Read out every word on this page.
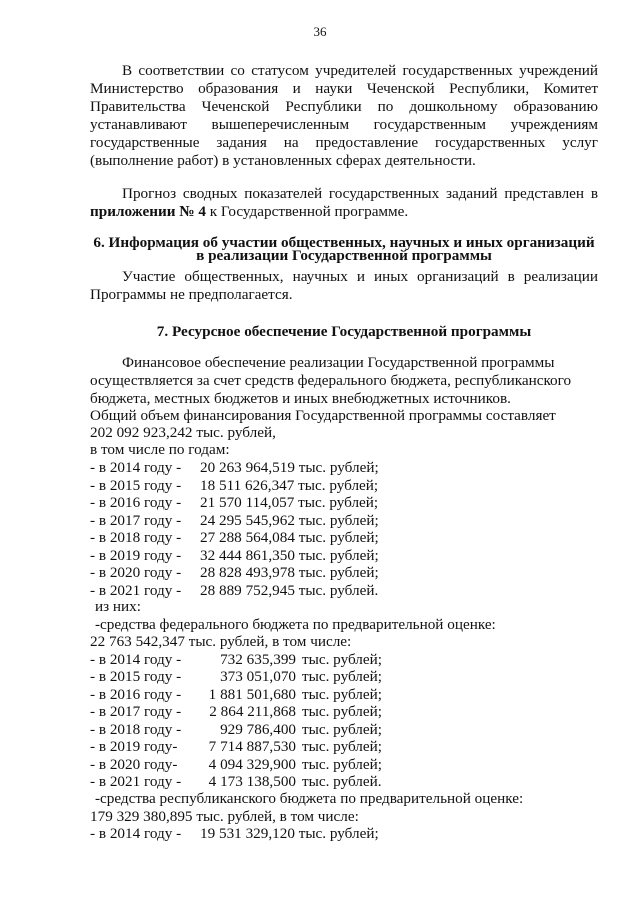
36

В соответствии со статусом учредителей государственных учреждений Министерство образования и науки Чеченской Республики, Комитет Правительства Чеченской Республики по дошкольному образованию устанавливают вышеперечисленным государственным учреждениям государственные задания на предоставление государственных услуг (выполнение работ) в установленных сферах деятельности.

Прогноз сводных показателей государственных заданий представлен в приложении № 4 к Государственной программе.

6. Информация об участии общественных, научных и иных организаций
в реализации Государственной программы

Участие общественных, научных и иных организаций в реализации Программы не предполагается.

7. Ресурсное обеспечение Государственной программы
Финансовое обеспечение реализации Государственной программы
осуществляется за счет средств федерального бюджета, республиканского
бюджета, местных бюджетов и иных внебюджетных источников.
Общий объем финансирования Государственной программы составляет
202 092 923,242 тыс. рублей,
в том числе по годам:
- в 2014 году - 20 263 964,519 тыс. рублей;
- в 2015 году - 18 511 626,347 тыс. рублей;
- в 2016 году - 21 570 114,057 тыс. рублей;
- в 2017 году - 24 295 545,962 тыс. рублей;
- в 2018 году - 27 288 564,084 тыс. рублей;
- в 2019 году - 32 444 861,350 тыс. рублей;
- в 2020 году - 28 828 493,978 тыс. рублей;
- в 2021 году - 28 889 752,945 тыс. рублей.
из них:
-средства федерального бюджета по предварительной оценке:
22 763 542,347 тыс. рублей, в том числе:
- в 2014 году -	732 635,399 тыс. рублей;
- в 2015 году -	373 051,070 тыс. рублей;
- в 2016 году - 1 881 501,680 тыс. рублей;
- в 2017 году - 2 864 211,868 тыс. рублей;
- в 2018 году -	929 786,400 тыс. рублей;
- в 2019 году- 7 714 887,530 тыс. рублей;
- в 2020 году- 4 094 329,900 тыс. рублей;
- в 2021 году - 4 173 138,500 тыс. рублей.
-средства республиканского бюджета по предварительной оценке:
179 329 380,895 тыс. рублей, в том числе:
- в 2014 году - 19 531 329,120 тыс. рублей;
